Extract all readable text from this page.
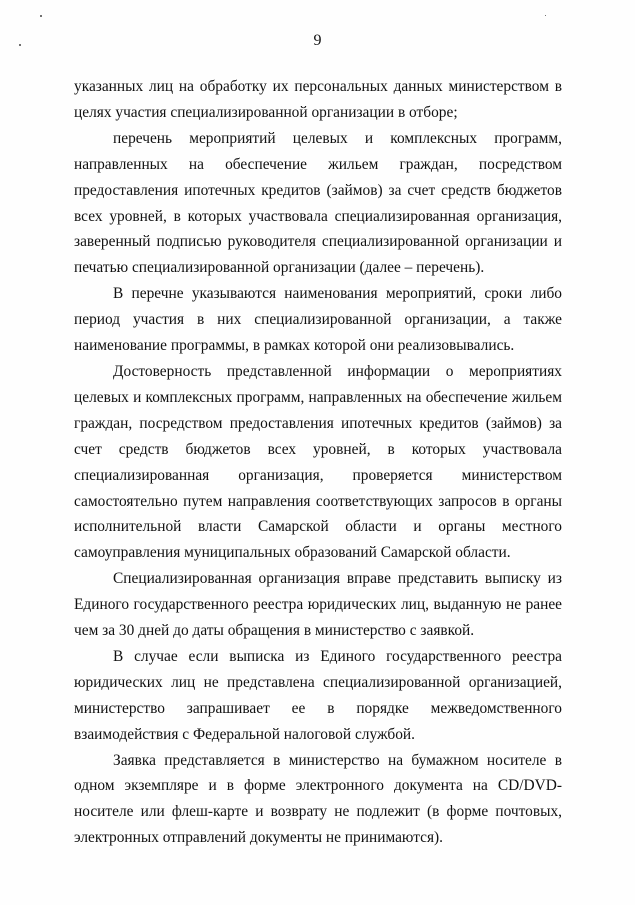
9

указанных лиц на обработку их персональных данных министерством в целях участия специализированной организации в отборе;

перечень мероприятий целевых и комплексных программ, направленных на обеспечение жильем граждан, посредством предоставления ипотечных кредитов (займов) за счет средств бюджетов всех уровней, в которых участвовала специализированная организация, заверенный подписью руководителя специализированной организации и печатью специализированной организации (далее – перечень).

В перечне указываются наименования мероприятий, сроки либо период участия в них специализированной организации, а также наименование программы, в рамках которой они реализовывались.

Достоверность представленной информации о мероприятиях целевых и комплексных программ, направленных на обеспечение жильем граждан, посредством предоставления ипотечных кредитов (займов) за счет средств бюджетов всех уровней, в которых участвовала специализированная организация, проверяется министерством самостоятельно путем направления соответствующих запросов в органы исполнительной власти Самарской области и органы местного самоуправления муниципальных образований Самарской области.

Специализированная организация вправе представить выписку из Единого государственного реестра юридических лиц, выданную не ранее чем за 30 дней до даты обращения в министерство с заявкой.

В случае если выписка из Единого государственного реестра юридических лиц не представлена специализированной организацией, министерство запрашивает ее в порядке межведомственного взаимодействия с Федеральной налоговой службой.

Заявка представляется в министерство на бумажном носителе в одном экземпляре и в форме электронного документа на CD/DVD-носителе или флеш-карте и возврату не подлежит (в форме почтовых, электронных отправлений документы не принимаются).
